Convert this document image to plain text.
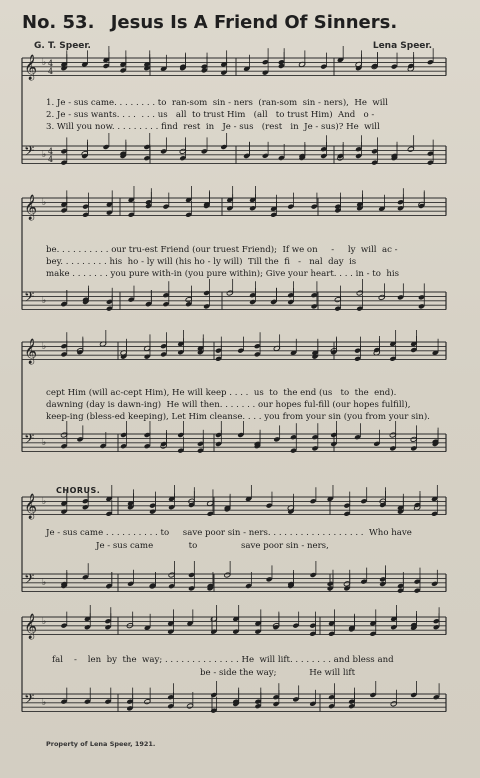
No. 53. Jesus Is A Friend Of Sinners.
G. T. Speer.	Lena Speer.
𝄞
𝄢
♭
♭
4
4
4
4
𝄞
𝄢
♭
♭
𝄞
𝄢
♭
♭
𝄞
𝄢
♭
♭
𝄞
𝄢
♭
♭
1. Je - sus came. . . . . . . . to  ran-som  sin - ners  (ran-som  sin - ners),  He  will
2. Je - sus wants. . . .  . . . us   all  to trust Him   (all   to trust Him)  And   o -
3. Will you now. . . . . . . . . find  rest  in   Je - sus   (rest   in  Je - sus)? He  will
be. . . . . . . . . . our tru-est Friend (our truest Friend);  If we on     -     ly  will  ac -
bey. . . . . . . . . his  ho - ly will (his ho - ly will)  Till the  fi   -   nal  day  is
make . . . . . . . you pure with-in (you pure within); Give your heart. . . . in - to  his
cept Him (will ac-cept Him), He will keep . . . .  us  to  the end (us   to  the  end).
dawning (day is dawn-ing)  He will then. . . . . . . our hopes ful-fill (our hopes fulfill),
keep-ing (bless-ed keeping), Let Him cleanse. . . . you from your sin (you from your sin).
CHORUS.
Je - sus came . . . . . . . . . . to     save poor sin - ners. . . . . . . . . . . . . . . . . .  Who have
Je - sus came             to                save poor sin - ners,
fal    -    len  by  the  way; . . . . . . . . . . . . . . He  will lift. . . . . . . . and bless and
be - side the way;            He will lift
Property of Lena Speer, 1921.
